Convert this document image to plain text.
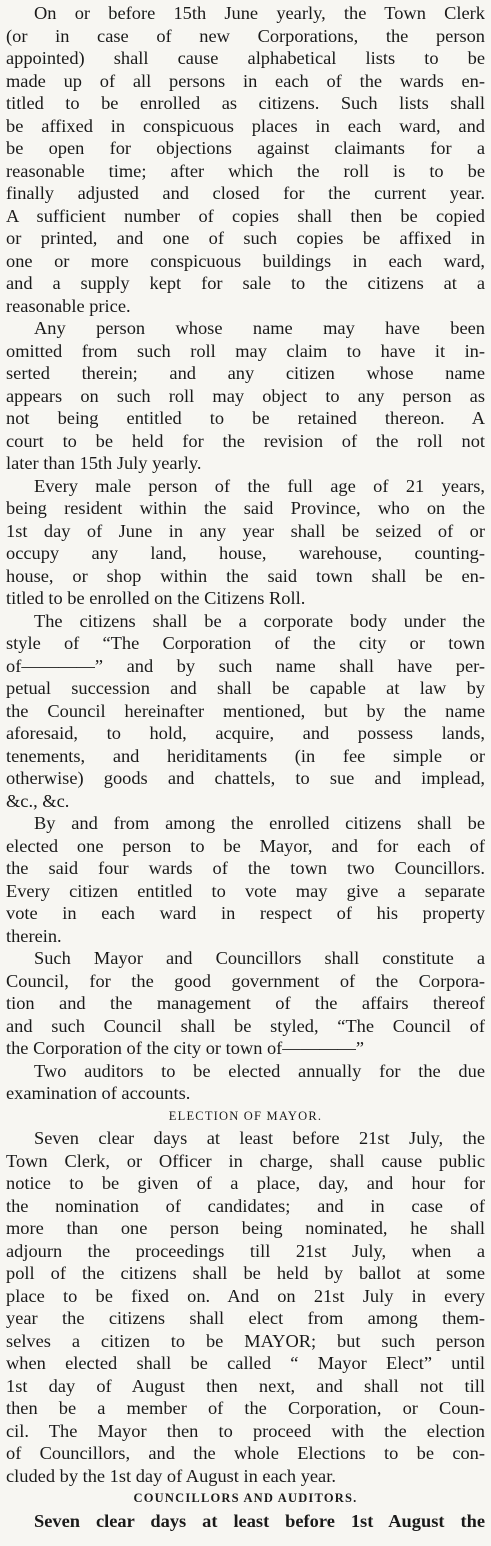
On or before 15th June yearly, the Town Clerk
(or in case of new Corporations, the person
appointed) shall cause alphabetical lists to be
made up of all persons in each of the wards en-
titled to be enrolled as citizens. Such lists shall
be affixed in conspicuous places in each ward, and
be open for objections against claimants for a
reasonable time; after which the roll is to be
finally adjusted and closed for the current year.
A sufficient number of copies shall then be copied
or printed, and one of such copies be affixed in
one or more conspicuous buildings in each ward,
and a supply kept for sale to the citizens at a
reasonable price.
Any person whose name may have been
omitted from such roll may claim to have it in-
serted therein; and any citizen whose name
appears on such roll may object to any person as
not being entitled to be retained thereon. A
court to be held for the revision of the roll not
later than 15th July yearly.
Every male person of the full age of 21 years,
being resident within the said Province, who on the
1st day of June in any year shall be seized of or
occupy any land, house, warehouse, counting-
house, or shop within the said town shall be en-
titled to be enrolled on the Citizens Roll.
The citizens shall be a corporate body under the
style of “The Corporation of the city or town
of————” and by such name shall have per-
petual succession and shall be capable at law by
the Council hereinafter mentioned, but by the name
aforesaid, to hold, acquire, and possess lands,
tenements, and heriditaments (in fee simple or
otherwise) goods and chattels, to sue and implead,
&c., &c.
By and from among the enrolled citizens shall be
elected one person to be Mayor, and for each of
the said four wards of the town two Councillors.
Every citizen entitled to vote may give a separate
vote in each ward in respect of his property
therein.
Such Mayor and Councillors shall constitute a
Council, for the good government of the Corpora-
tion and the management of the affairs thereof
and such Council shall be styled, “The Council of
the Corporation of the city or town of————”
Two auditors to be elected annually for the due
examination of accounts.
ELECTION OF MAYOR.
Seven clear days at least before 21st July, the
Town Clerk, or Officer in charge, shall cause public
notice to be given of a place, day, and hour for
the nomination of candidates; and in case of
more than one person being nominated, he shall
adjourn the proceedings till 21st July, when a
poll of the citizens shall be held by ballot at some
place to be fixed on. And on 21st July in every
year the citizens shall elect from among them-
selves a citizen to be MAYOR; but such person
when elected shall be called “ Mayor Elect” until
1st day of August then next, and shall not till
then be a member of the Corporation, or Coun-
cil. The Mayor then to proceed with the election
of Councillors, and the whole Elections to be con-
cluded by the 1st day of August in each year.
COUNCILLORS AND AUDITORS.
Seven clear days at least before 1st August the
